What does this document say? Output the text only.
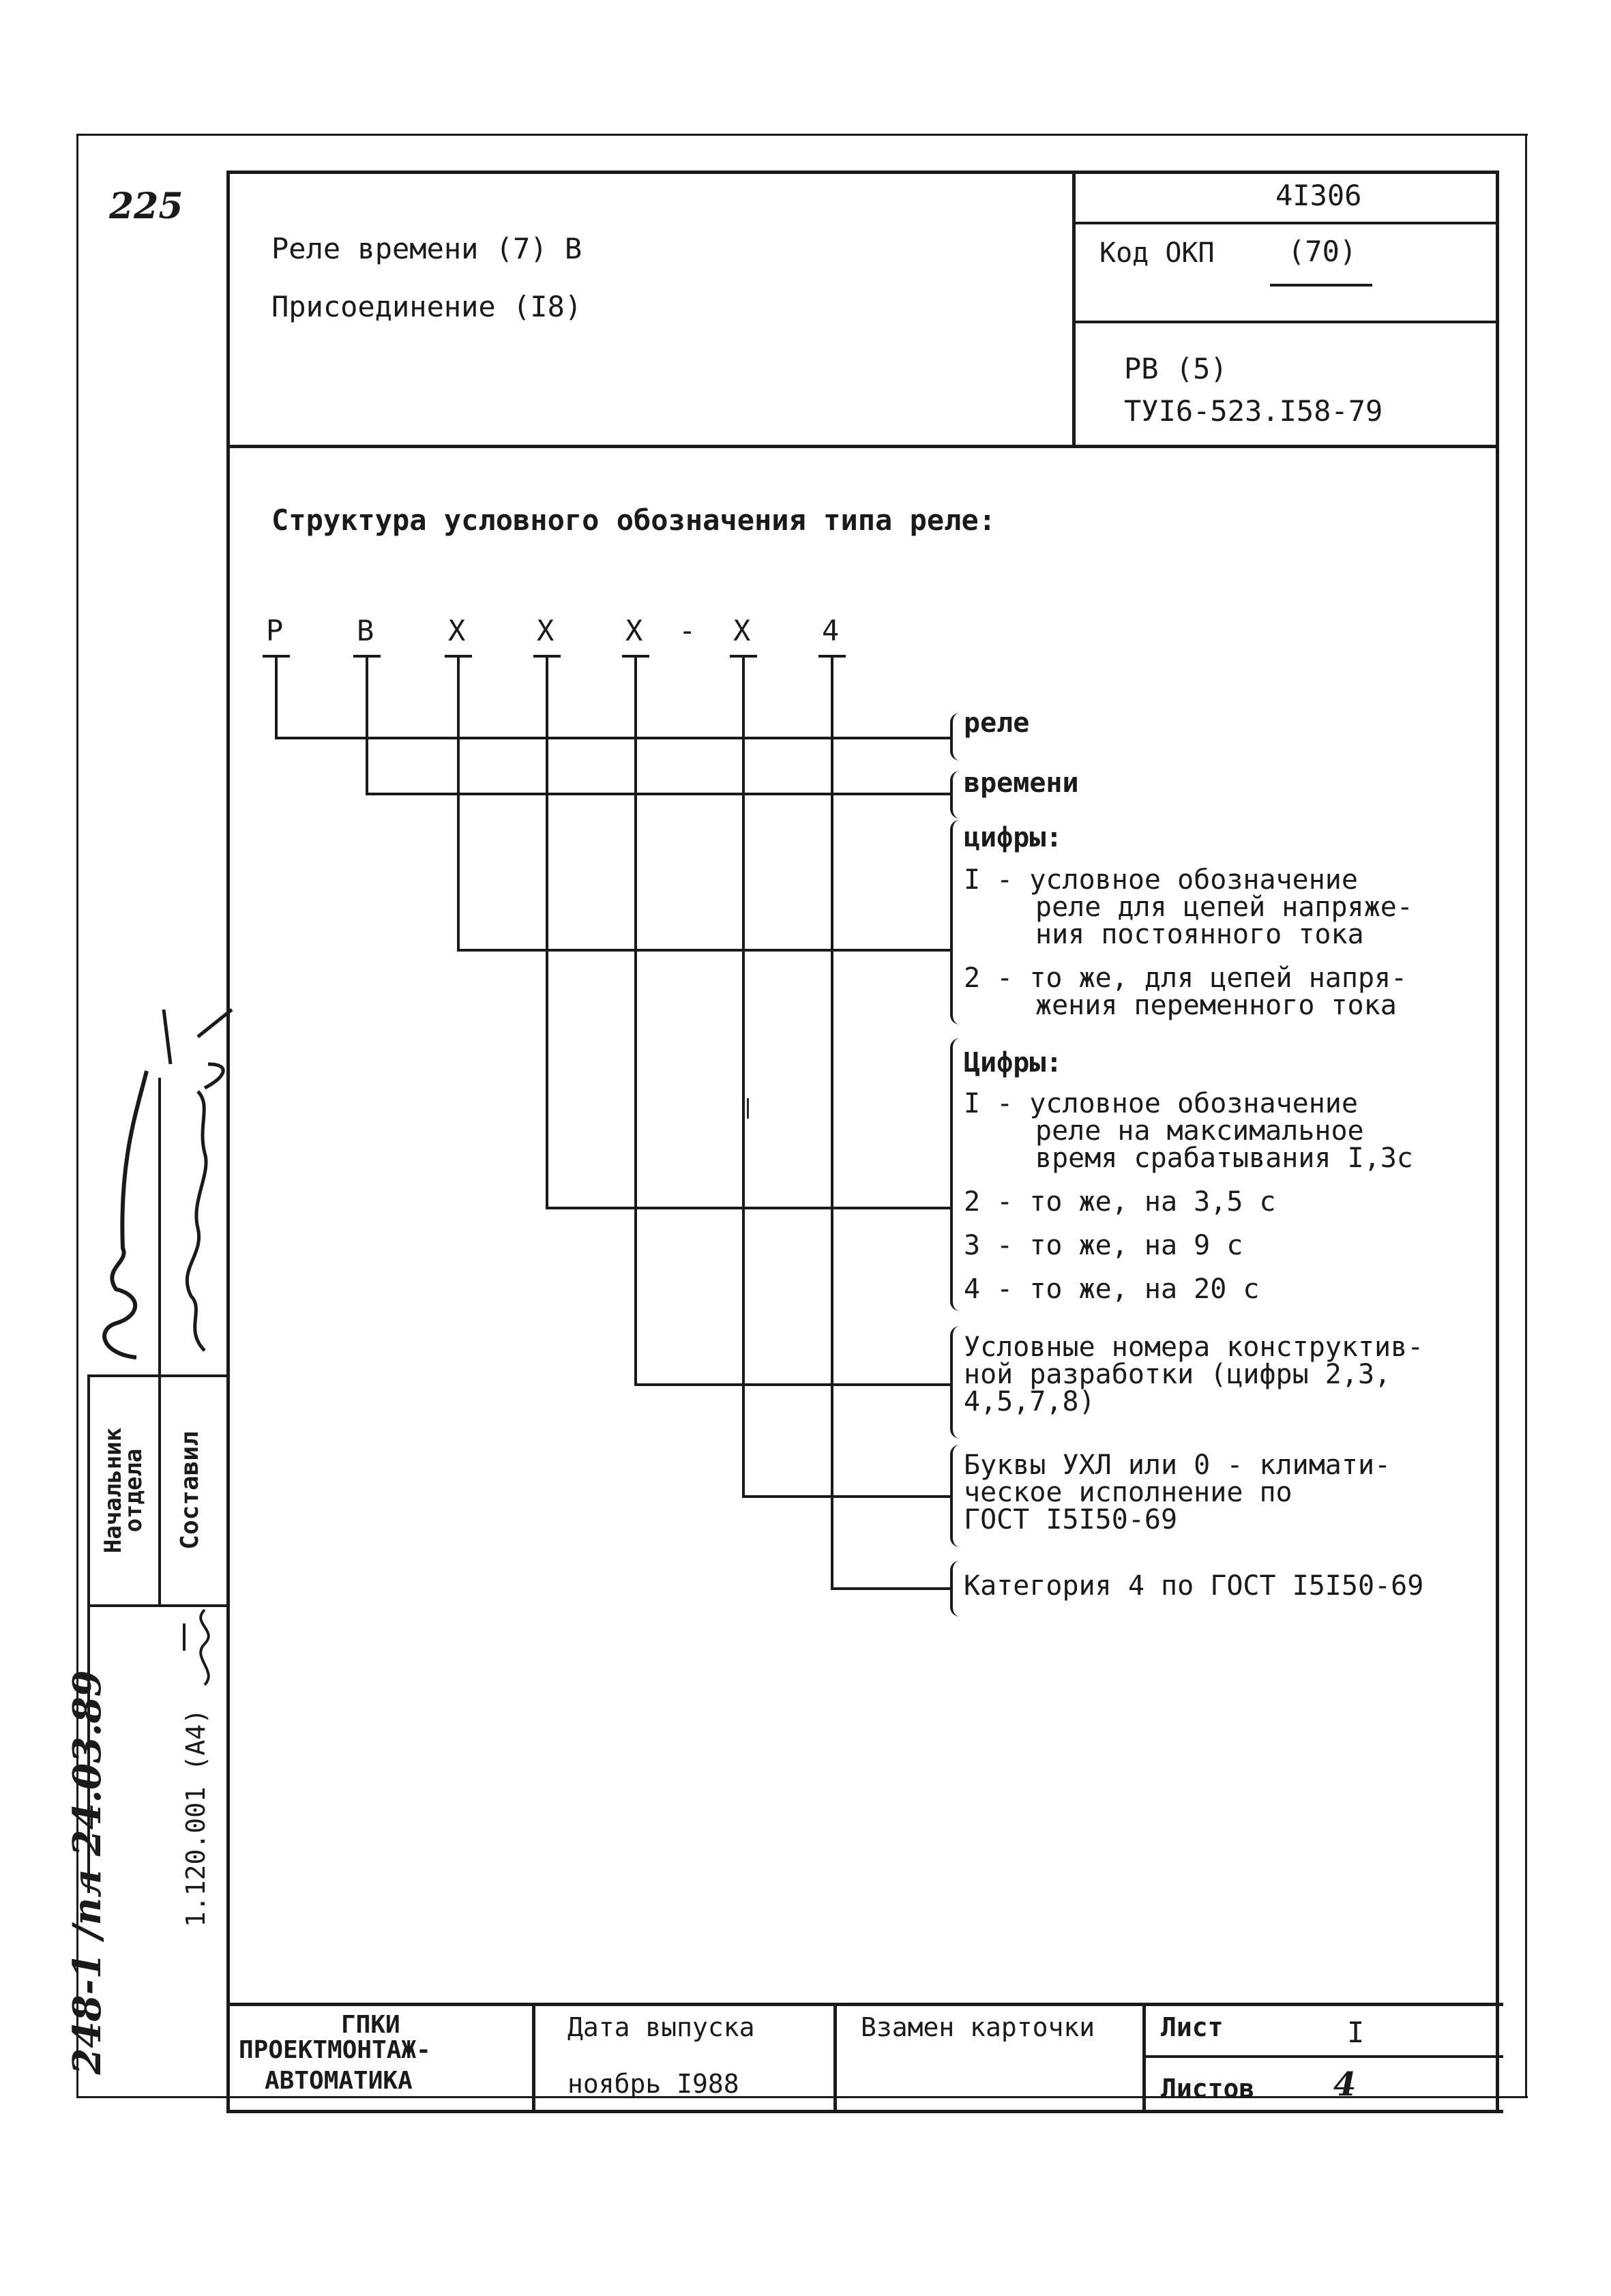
225
Реле времени (7) В
Присоединение (I8)
4I306
Код ОКП	(70)
РВ (5)
ТУI6-523.I58-79
Структура условного обозначения типа реле:
Р	В	Х Х Х - Х 4
реле
времени
цифры:
I - условное обозначение
реле для цепей напряже-
ния постоянного тока
2 - то же, для цепей напря-
жения переменного тока
Цифры:
I - условное обозначение
реле на максимальное
время срабатывания I,3с
2 - то же, на 3,5 с
3 - то же, на 9 с
4 - то же, на 20 с
Условные номера конструктив-
ной разработки (цифры 2,3,
4,5,7,8)
Буквы УХЛ или 0 - климати-
ческое исполнение по
ГОСТ I5I50-69
Категория 4 по ГОСТ I5I50-69
Начальник отдела Составил
1.120.001 (А4)
248-1 /пл 24.03.89	ГПКИ
ПРОЕКТМОНТАЖ-
АВТОМАТИКА
Дата выпуска
ноябрь I988
Взамен карточки	Лист	I
Листов 4
